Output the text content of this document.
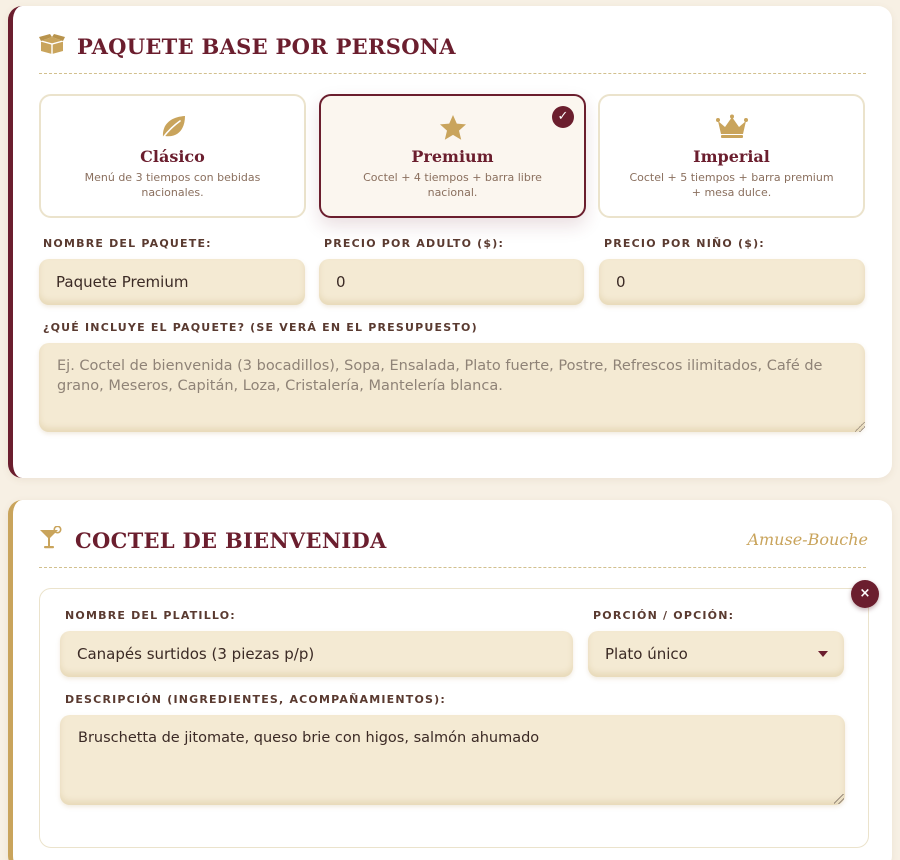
PAQUETE BASE POR PERSONA
Clásico
Menú de 3 tiempos con bebidas nacionales.
✓
Premium
Coctel + 4 tiempos + barra libre nacional.
Imperial
Coctel + 5 tiempos + barra premium + mesa dulce.
NOMBRE DEL PAQUETE:
Paquete Premium
PRECIO POR ADULTO ($):
0
PRECIO POR NIÑO ($):
0
¿QUÉ INCLUYE EL PAQUETE? (SE VERÁ EN EL PRESUPUESTO)
Ej. Coctel de bienvenida (3 bocadillos), Sopa, Ensalada, Plato fuerte, Postre, Refrescos ilimitados, Café de grano, Meseros, Capitán, Loza, Cristalería, Mantelería blanca.
COCTEL DE BIENVENIDA	Amuse-Bouche
NOMBRE DEL PLATILLO:
Canapés surtidos (3 piezas p/p)
PORCIÓN / OPCIÓN:
Plato único
DESCRIPCIÓN (INGREDIENTES, ACOMPAÑAMIENTOS):
Bruschetta de jitomate, queso brie con higos, salmón ahumado
×
